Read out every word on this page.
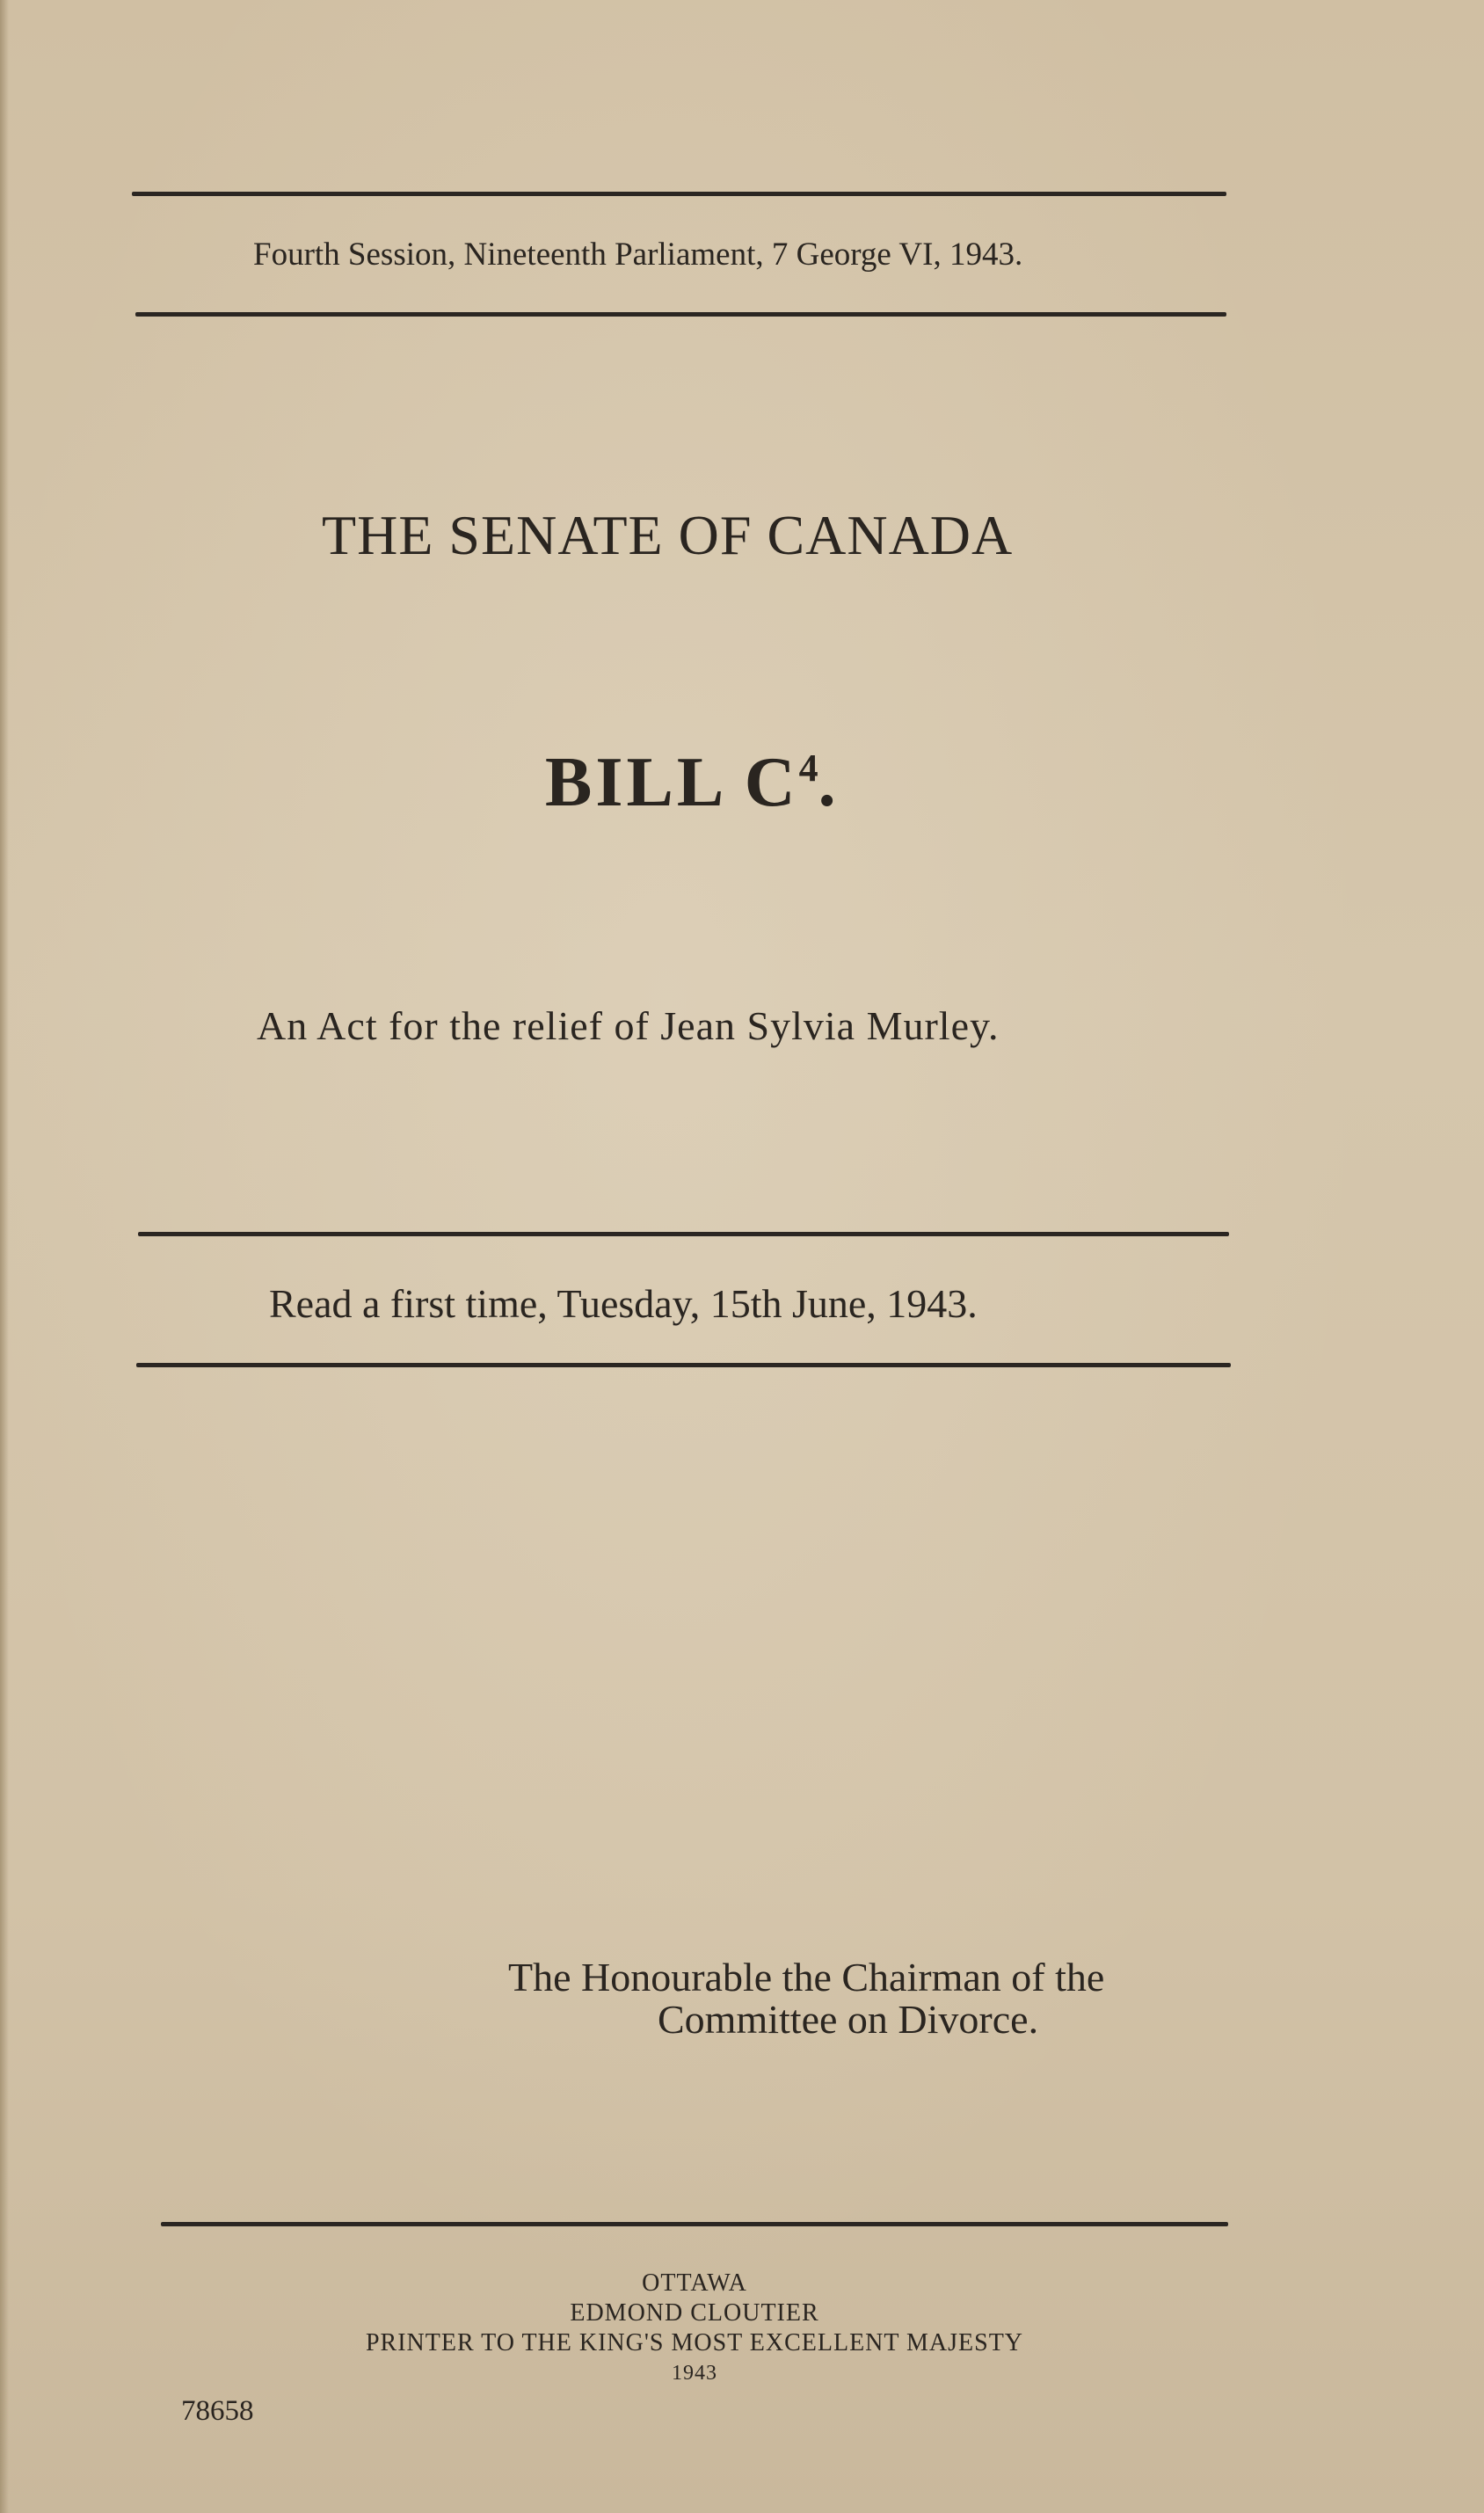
Fourth Session, Nineteenth Parliament, 7 George VI, 1943.
THE SENATE OF CANADA
BILL $C^4$.
An Act for the relief of Jean Sylvia Murley.
Read a first time, Tuesday, 15th June, 1943.
The Honourable the Chairman of the
Committee on Divorce.
OTTAWA
EDMOND CLOUTIER
PRINTER TO THE KING'S MOST EXCELLENT MAJESTY
1943
78658
